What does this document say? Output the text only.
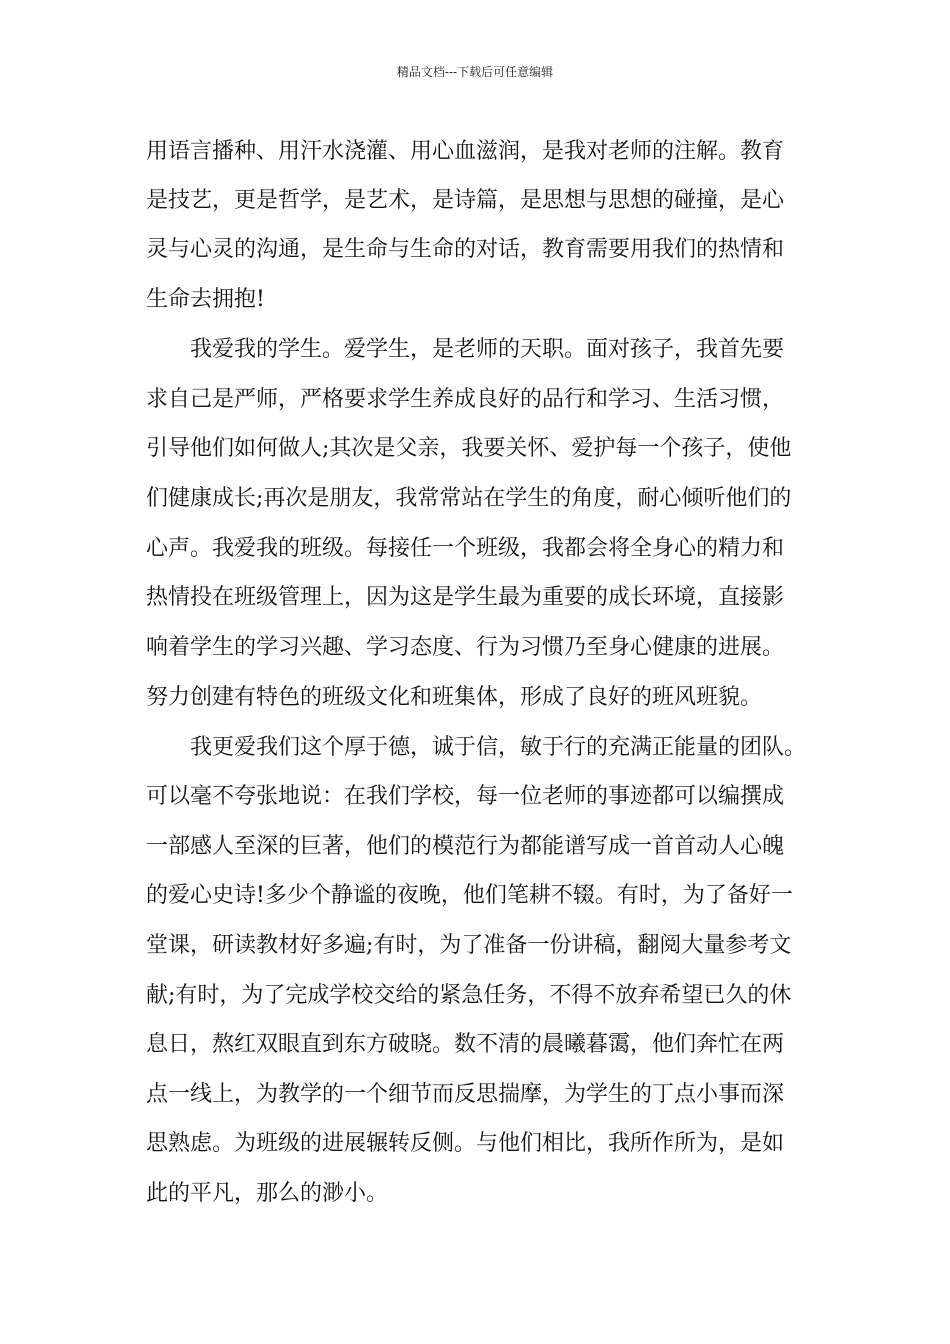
精品文档---下载后可任意编辑
用语言播种、用汗水浇灌、用心血滋润，是我对老师的注解。教育
是技艺，更是哲学，是艺术，是诗篇，是思想与思想的碰撞，是心
灵与心灵的沟通，是生命与生命的对话，教育需要用我们的热情和
生命去拥抱!
我爱我的学生。爱学生，是老师的天职。面对孩子，我首先要
求自己是严师，严格要求学生养成良好的品行和学习、生活习惯，
引导他们如何做人;其次是父亲，我要关怀、爱护每一个孩子，使他
们健康成长;再次是朋友，我常常站在学生的角度，耐心倾听他们的
心声。我爱我的班级。每接任一个班级，我都会将全身心的精力和
热情投在班级管理上，因为这是学生最为重要的成长环境，直接影
响着学生的学习兴趣、学习态度、行为习惯乃至身心健康的进展。
努力创建有特色的班级文化和班集体，形成了良好的班风班貌。
我更爱我们这个厚于德，诚于信，敏于行的充满正能量的团队。
可以毫不夸张地说：在我们学校，每一位老师的事迹都可以编撰成
一部感人至深的巨著，他们的模范行为都能谱写成一首首动人心魄
的爱心史诗!多少个静谧的夜晚，他们笔耕不辍。有时，为了备好一
堂课，研读教材好多遍;有时，为了准备一份讲稿，翻阅大量参考文
献;有时，为了完成学校交给的紧急任务，不得不放弃希望已久的休
息日，熬红双眼直到东方破晓。数不清的晨曦暮霭，他们奔忙在两
点一线上，为教学的一个细节而反思揣摩，为学生的丁点小事而深
思熟虑。为班级的进展辗转反侧。与他们相比，我所作所为，是如
此的平凡，那么的渺小。
